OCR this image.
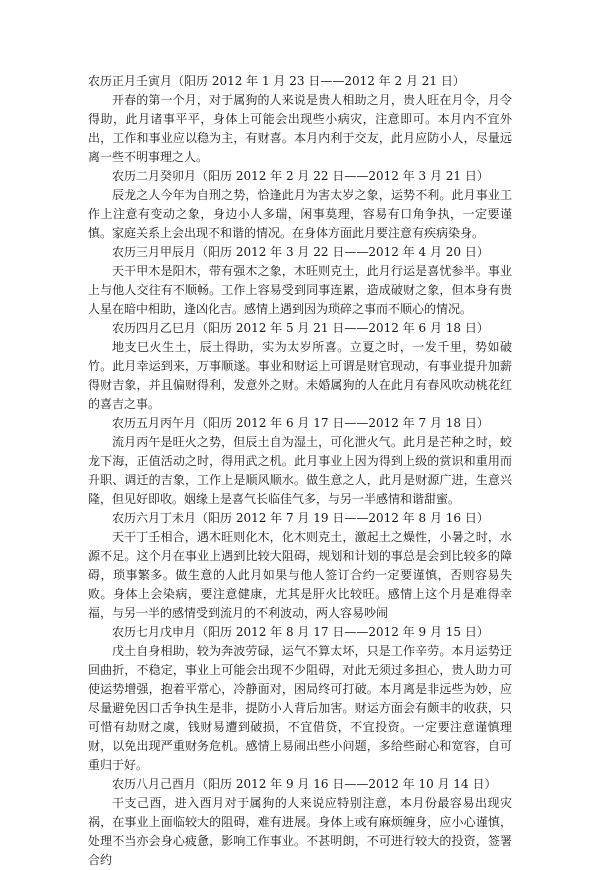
农历正月壬寅月（阳历 2012 年 1 月 23 日——2012 年 2 月 21 日）

开春的第一个月，对于属狗的人来说是贵人相助之月，贵人旺在月令，月令得助，此月诸事平平，身体上可能会出现些小病灾，注意即可。本月内不宜外出，工作和事业应以稳为主，有财喜。本月内利于交友，此月应防小人，尽量远离一些不明事理之人。

农历二月癸卯月（阳历 2012 年 2 月 22 日——2012 年 3 月 21 日）

辰龙之人今年为自刑之势，恰逢此月为害太岁之象，运势不利。此月事业工作上注意有变动之象，身边小人多瑞，闲事莫理，容易有口角争执，一定要谨慎。家庭关系上会出现不和谐的情况。在身体方面此月要注意有疾病染身。

农历三月甲辰月（阳历 2012 年 3 月 22 日——2012 年 4 月 20 日）

天干甲木是阳木，带有强木之象，木旺则克土，此月行运是喜忧参半。事业上与他人交往有不顺畅。工作上容易受到同事连累，造成破财之象，但本身有贵人星在暗中相助，逢凶化吉。感情上遇到因为琐碎之事而不顺心的情况。

农历四月乙巳月（阳历 2012 年 5 月 21 日——2012 年 6 月 18 日）

地支巳火生土，辰土得助，实为太岁所喜。立夏之时，一发千里，势如破竹。此月幸运到来，万事顺遂。事业和财运上可谓是财官现动，有事业提升加薪得财吉象，并且偏财得利，发意外之财。未婚属狗的人在此月有春风吹动桃花红的喜吉之事。

农历五月丙午月（阳历 2012 年 6 月 17 日——2012 年 7 月 18 日）

流月丙午是旺火之势，但辰土自为湿土，可化泄火气。此月是芒种之时，蛟龙下海，正值活动之时，得用武之机。此月事业上因为得到上级的赏识和重用而升职、调迁的吉象，工作上是顺风顺水。做生意之人，此月是财源广进，生意兴隆，但见好即收。姻缘上是喜气长临佳气多，与另一半感情和谐甜蜜。

农历六月丁未月（阳历 2012 年 7 月 19 日——2012 年 8 月 16 日）

天干丁壬相合，遇木旺则化木，化木则克土，激起土之燥性，小暑之时，水源不足。这个月在事业上遇到比较大阻碍，规划和计划的事总是会到比较多的障碍，琐事繁多。做生意的人此月如果与他人签订合约一定要谨慎，否则容易失败。身体上会染病，要注意健康，尤其是肝火比较旺。感情上这个月是难得幸福，与另一半的感情受到流月的不利波动，两人容易吵闹

农历七月戊申月（阳历 2012 年 8 月 17 日——2012 年 9 月 15 日）

戊土自身相助，较为奔波劳碌，运气不算太坏，只是工作辛劳。本月运势迂回曲折，不稳定，事业上可能会出现不少阻碍，对此无须过多担心，贵人助力可使运势增强，抱着平常心，冷静面对，困局终可打破。本月离是非远些为妙，应尽量避免因口舌争执生是非，提防小人背后加害。财运方面会有颇丰的收获，只可惜有劫财之虞，钱财易遭到破损，不宜借贷，不宜投资。一定要注意谨慎理财，以免出现严重财务危机。感情上易闹出些小问题，多给些耐心和宽容，自可重归于好。

农历八月己酉月（阳历 2012 年 9 月 16 日——2012 年 10 月 14 日）

干支己酉，进入酉月对于属狗的人来说应特别注意，本月份最容易出现灾祸，在事业上面临较大的阻碍，难有进展。身体上或有麻烦缠身，应小心谨慎，处理不当亦会身心疲惫，影响工作事业。不甚明朗，不可进行较大的投资，签署合约
